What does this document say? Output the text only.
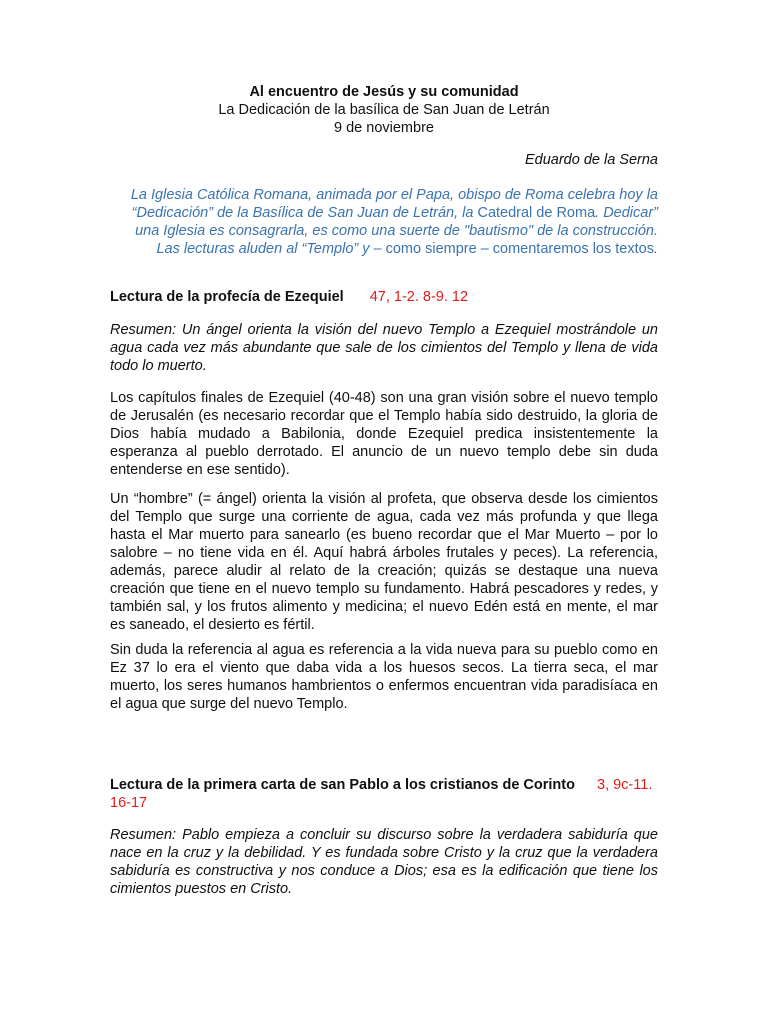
Al encuentro de Jesús y su comunidad
La Dedicación de la basílica de San Juan de Letrán
9 de noviembre
Eduardo de la Serna
La Iglesia Católica Romana, animada por el Papa, obispo de Roma celebra hoy la “Dedicación” de la Basílica de San Juan de Letrán, la Catedral de Roma. Dedicar” una Iglesia es consagrarla, es como una suerte de "bautismo" de la construcción. Las lecturas aluden al “Templo” y – como siempre – comentaremos los textos.
Lectura de la profecía de Ezequiel 47, 1-2. 8-9. 12
Resumen: Un ángel orienta la visión del nuevo Templo a Ezequiel mostrándole un agua cada vez más abundante que sale de los cimientos del Templo y llena de vida todo lo muerto.
Los capítulos finales de Ezequiel (40-48) son una gran visión sobre el nuevo templo de Jerusalén (es necesario recordar que el Templo había sido destruido, la gloria de Dios había mudado a Babilonia, donde Ezequiel predica insistentemente la esperanza al pueblo derrotado. El anuncio de un nuevo templo debe sin duda entenderse en ese sentido).
Un “hombre” (= ángel) orienta la visión al profeta, que observa desde los cimientos del Templo que surge una corriente de agua, cada vez más profunda y que llega hasta el Mar muerto para sanearlo (es bueno recordar que el Mar Muerto – por lo salobre – no tiene vida en él. Aquí habrá árboles frutales y peces). La referencia, además, parece aludir al relato de la creación; quizás se destaque una nueva creación que tiene en el nuevo templo su fundamento. Habrá pescadores y redes, y también sal, y los frutos alimento y medicina; el nuevo Edén está en mente, el mar es saneado, el desierto es fértil.
Sin duda la referencia al agua es referencia a la vida nueva para su pueblo como en Ez 37 lo era el viento que daba vida a los huesos secos. La tierra seca, el mar muerto, los seres humanos hambrientos o enfermos encuentran vida paradisíaca en el agua que surge del nuevo Templo.
Lectura de la primera carta de san Pablo a los cristianos de Corinto 3, 9c-11. 16-17
Resumen: Pablo empieza a concluir su discurso sobre la verdadera sabiduría que nace en la cruz y la debilidad. Y es fundada sobre Cristo y la cruz que la verdadera sabiduría es constructiva y nos conduce a Dios; esa es la edificación que tiene los cimientos puestos en Cristo.
